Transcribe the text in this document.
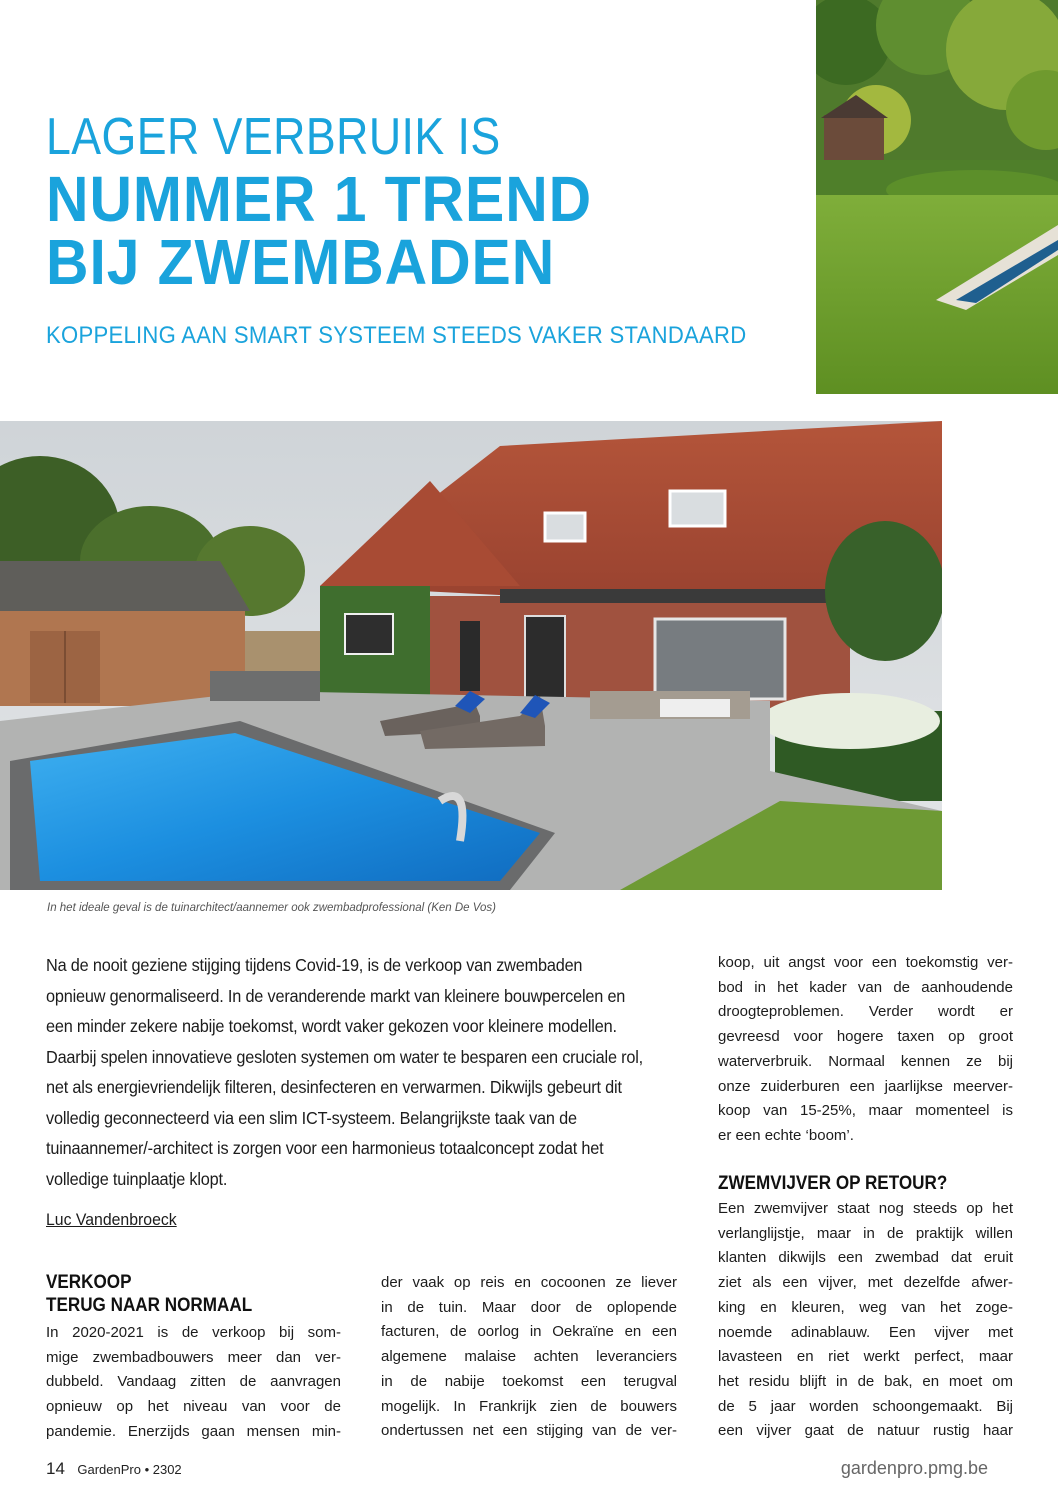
LAGER VERBRUIK IS
NUMMER 1 TREND
BIJ ZWEMBADEN
KOPPELING AAN SMART SYSTEEM STEEDS VAKER STANDAARD
In het ideale geval is de tuinarchitect/aannemer ook zwembadprofessional (Ken De Vos)
Na de nooit geziene stijging tijdens Covid-19, is de verkoop van zwembaden
opnieuw genormaliseerd. In de veranderende markt van kleinere bouwpercelen en
een minder zekere nabije toekomst, wordt vaker gekozen voor kleinere modellen.
Daarbij spelen innovatieve gesloten systemen om water te besparen een cruciale rol,
net als energievriendelijk filteren, desinfecteren en verwarmen. Dikwijls gebeurt dit
volledig geconnecteerd via een slim ICT-systeem. Belangrijkste taak van de
tuinaannemer/-architect is zorgen voor een harmonieus totaalconcept zodat het
volledige tuinplaatje klopt.
Luc Vandenbroeck
VERKOOP
TERUG NAAR NORMAAL
In 2020-2021 is de verkoop bij som-
mige zwembadbouwers meer dan ver-
dubbeld. Vandaag zitten de aanvragen
opnieuw op het niveau van voor de
pandemie. Enerzijds gaan mensen min-
der vaak op reis en cocoonen ze liever
in de tuin. Maar door de oplopende
facturen, de oorlog in Oekraïne en een
algemene malaise achten leveranciers
in de nabije toekomst een terugval
mogelijk. In Frankrijk zien de bouwers
ondertussen net een stijging van de ver-
koop, uit angst voor een toekomstig ver-
bod in het kader van de aanhoudende
droogteproblemen. Verder wordt er
gevreesd voor hogere taxen op groot
waterverbruik. Normaal kennen ze bij
onze zuiderburen een jaarlijkse meerver-
koop van 15-25%, maar momenteel is
er een echte ‘boom’.
ZWEMVIJVER OP RETOUR?
Een zwemvijver staat nog steeds op het
verlanglijstje, maar in de praktijk willen
klanten dikwijls een zwembad dat eruit
ziet als een vijver, met dezelfde afwer-
king en kleuren, weg van het zoge-
noemde adinablauw. Een vijver met
lavasteen en riet werkt perfect, maar
het residu blijft in de bak, en moet om
de 5 jaar worden schoongemaakt. Bij
een vijver gaat de natuur rustig haar
14 GardenPro • 2302	gardenpro.pmg.be
